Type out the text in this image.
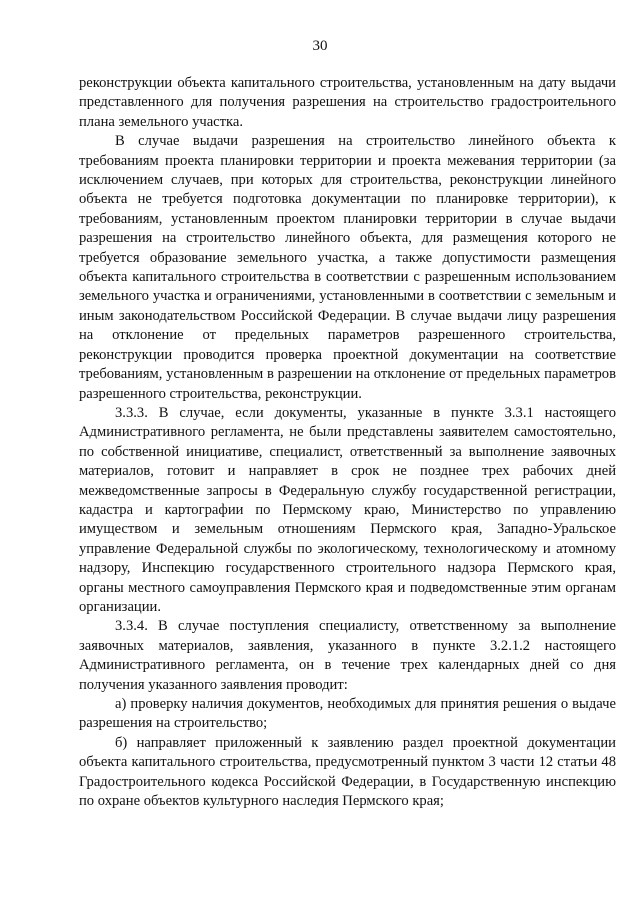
30

реконструкции объекта капитального строительства, установленным на дату выдачи представленного для получения разрешения на строительство градостроительного плана земельного участка.

В случае выдачи разрешения на строительство линейного объекта к требованиям проекта планировки территории и проекта межевания территории (за исключением случаев, при которых для строительства, реконструкции линейного объекта не требуется подготовка документации по планировке территории), к требованиям, установленным проектом планировки территории в случае выдачи разрешения на строительство линейного объекта, для размещения которого не требуется образование земельного участка, а также допустимости размещения объекта капитального строительства в соответствии с разрешенным использованием земельного участка и ограничениями, установленными в соответствии с земельным и иным законодательством Российской Федерации. В случае выдачи лицу разрешения на отклонение от предельных параметров разрешенного строительства, реконструкции проводится проверка проектной документации на соответствие требованиям, установленным в разрешении на отклонение от предельных параметров разрешенного строительства, реконструкции.

3.3.3. В случае, если документы, указанные в пункте 3.3.1 настоящего Административного регламента, не были представлены заявителем самостоятельно, по собственной инициативе, специалист, ответственный за выполнение заявочных материалов, готовит и направляет в срок не позднее трех рабочих дней межведомственные запросы в Федеральную службу государственной регистрации, кадастра и картографии по Пермскому краю, Министерство по управлению имуществом и земельным отношениям Пермского края, Западно-Уральское управление Федеральной службы по экологическому, технологическому и атомному надзору, Инспекцию государственного строительного надзора Пермского края, органы местного самоуправления Пермского края и подведомственные этим органам организации.

3.3.4. В случае поступления специалисту, ответственному за выполнение заявочных материалов, заявления, указанного в пункте 3.2.1.2 настоящего Административного регламента, он в течение трех календарных дней со дня получения указанного заявления проводит:

а) проверку наличия документов, необходимых для принятия решения о выдаче разрешения на строительство;

б) направляет приложенный к заявлению раздел проектной документации объекта капитального строительства, предусмотренный пунктом 3 части 12 статьи 48 Градостроительного кодекса Российской Федерации, в Государственную инспекцию по охране объектов культурного наследия Пермского края;
